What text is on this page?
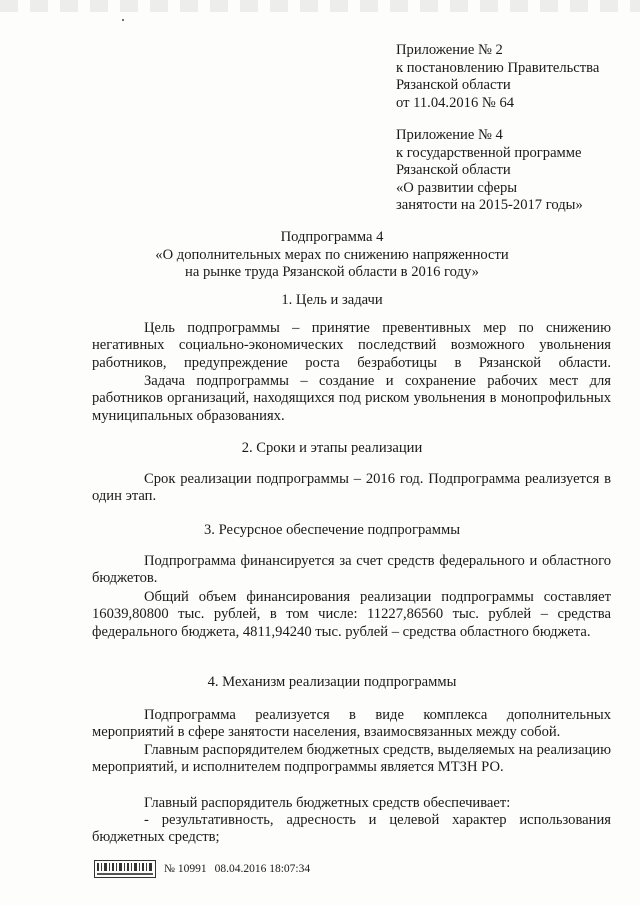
Приложение № 2
к постановлению Правительства
Рязанской области
от 11.04.2016 № 64
Приложение № 4
к государственной программе
Рязанской области
«О развитии сферы
занятости на 2015-2017 годы»
Подпрограмма 4
«О дополнительных мерах по снижению напряженности
на рынке труда Рязанской области в 2016 году»
1. Цель и задачи
Цель подпрограммы – принятие превентивных мер по снижению негативных социально-экономических последствий возможного увольнения работников, предупреждение роста безработицы в Рязанской области.
Задача подпрограммы – создание и сохранение рабочих мест для работников организаций, находящихся под риском увольнения в монопрофильных муниципальных образованиях.
2. Сроки и этапы реализации
Срок реализации подпрограммы – 2016 год. Подпрограмма реализуется в один этап.
3. Ресурсное обеспечение подпрограммы
Подпрограмма финансируется за счет средств федерального и областного бюджетов.
Общий объем финансирования реализации подпрограммы составляет 16039,80800 тыс. рублей, в том числе: 11227,86560 тыс. рублей – средства федерального бюджета, 4811,94240 тыс. рублей – средства областного бюджета.
4. Механизм реализации подпрограммы
Подпрограмма реализуется в виде комплекса дополнительных мероприятий в сфере занятости населения, взаимосвязанных между собой.
Главным распорядителем бюджетных средств, выделяемых на реализацию мероприятий, и исполнителем подпрограммы является МТЗН РО.
Главный распорядитель бюджетных средств обеспечивает:
- результативность, адресность и целевой характер использования бюджетных средств;
№ 10991 08.04.2016 18:07:34
